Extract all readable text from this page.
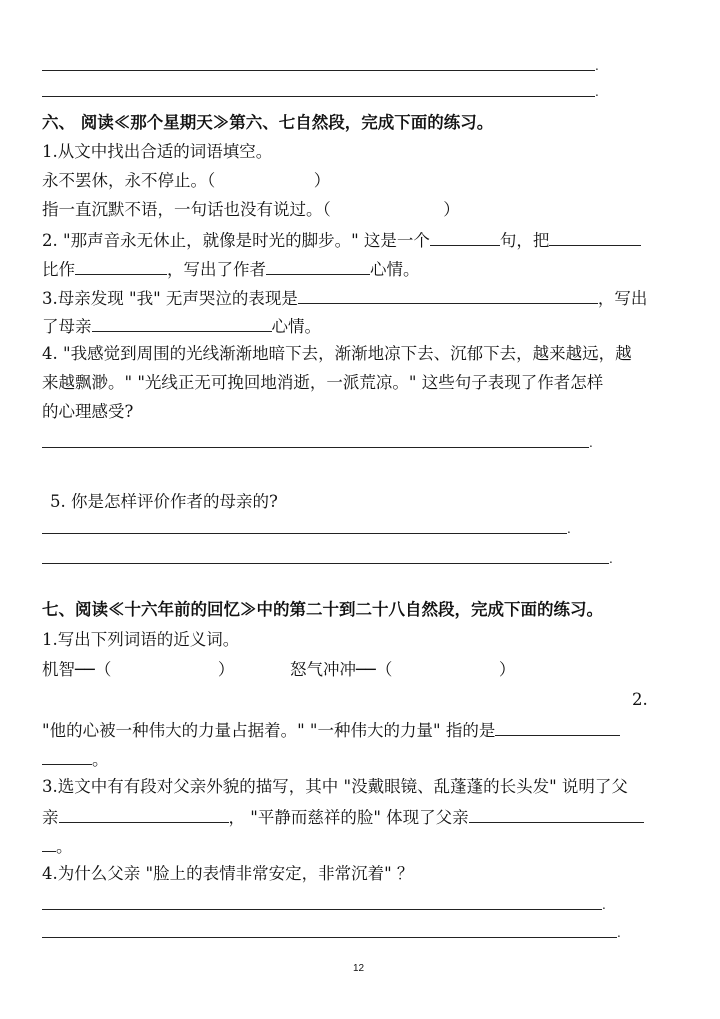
.
.
六、 阅读≪那个星期天≫第六、七自然段，完成下面的练习。
1.从文中找出合适的词语填空。
永不罢休，永不停止。（	）
指一直沉默不语，一句话也没有说过。（	）
2. "那声音永无休止，就像是时光的脚步。" 这是一个	句，把
比作	，写出了作者	心情。
3.母亲发现 "我" 无声哭泣的表现是	，写出
了母亲	心情。
4. "我感觉到周围的光线渐渐地暗下去，渐渐地凉下去、沉郁下去，越来越远，越
来越飘渺。" "光线正无可挽回地消逝，一派荒凉。" 这些句子表现了作者怎样
的心理感受?
.
5. 你是怎样评价作者的母亲的?
.
.
七、阅读≪十六年前的回忆≫中的第二十到二十八自然段，完成下面的练习。
1.写出下列词语的近义词。
机智──（	）	怒气冲冲──（	）
2.
"他的心被一种伟大的力量占据着。" "一种伟大的力量" 指的是
。
3.选文中有有段对父亲外貌的描写，其中 "没戴眼镜、乱蓬蓬的长头发" 说明了父
亲	， "平静而慈祥的脸" 体现了父亲
。
4.为什么父亲 "脸上的表情非常安定，非常沉着" ？
.
.
12
